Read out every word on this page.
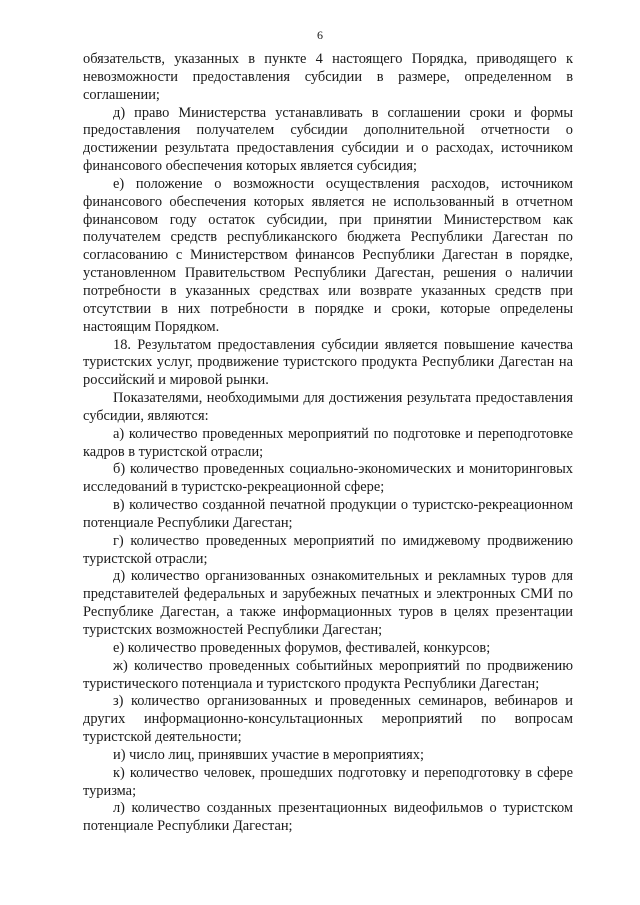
6

обязательств, указанных в пункте 4 настоящего Порядка, приводящего к невозможности предоставления субсидии в размере, определенном в соглашении;

д) право Министерства устанавливать в соглашении сроки и формы предоставления получателем субсидии дополнительной отчетности о достижении результата предоставления субсидии и о расходах, источником финансового обеспечения которых является субсидия;

е) положение о возможности осуществления расходов, источником финансового обеспечения которых является не использованный в отчетном финансовом году остаток субсидии, при принятии Министерством как получателем средств республиканского бюджета Республики Дагестан по согласованию с Министерством финансов Республики Дагестан в порядке, установленном Правительством Республики Дагестан, решения о наличии потребности в указанных средствах или возврате указанных средств при отсутствии в них потребности в порядке и сроки, которые определены настоящим Порядком.

18. Результатом предоставления субсидии является повышение качества туристских услуг, продвижение туристского продукта Республики Дагестан на российский и мировой рынки.

Показателями, необходимыми для достижения результата предоставления субсидии, являются:

а) количество проведенных мероприятий по подготовке и переподготовке кадров в туристской отрасли;

б) количество проведенных социально-экономических и мониторинговых исследований в туристско-рекреационной сфере;

в) количество созданной печатной продукции о туристско-рекреационном потенциале Республики Дагестан;

г) количество проведенных мероприятий по имиджевому продвижению туристской отрасли;

д) количество организованных ознакомительных и рекламных туров для представителей федеральных и зарубежных печатных и электронных СМИ по Республике Дагестан, а также информационных туров в целях презентации туристских возможностей Республики Дагестан;

е) количество проведенных форумов, фестивалей, конкурсов;

ж) количество проведенных событийных мероприятий по продвижению туристического потенциала и туристского продукта Республики Дагестан;

з) количество организованных и проведенных семинаров, вебинаров и других информационно-консультационных мероприятий по вопросам туристской деятельности;

и) число лиц, принявших участие в мероприятиях;

к) количество человек, прошедших подготовку и переподготовку в сфере туризма;

л) количество созданных презентационных видеофильмов о туристском потенциале Республики Дагестан;
